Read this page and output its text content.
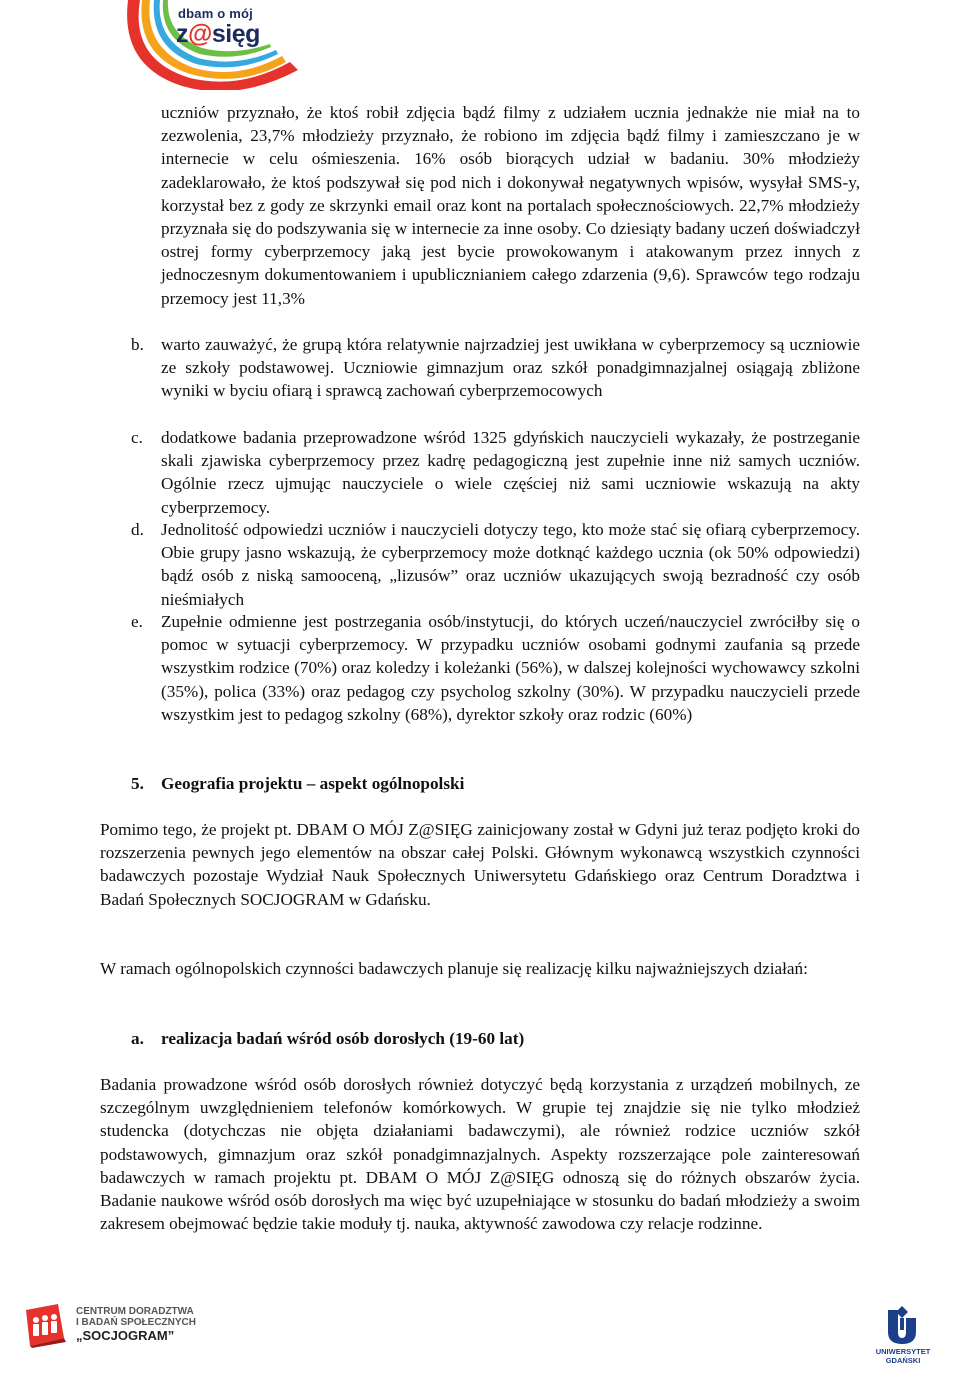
dbam o mój
z@sięg
uczniów przyznało, że ktoś robił zdjęcia bądź filmy z udziałem ucznia jednakże nie miał na to zezwolenia, 23,7% młodzieży przyznało, że robiono im zdjęcia bądź filmy i zamieszczano je w internecie w celu ośmieszenia. 16% osób biorących udział w badaniu. 30% młodzieży zadeklarowało, że ktoś podszywał się pod nich i dokonywał negatywnych wpisów, wysyłał SMS-y, korzystał bez z gody ze skrzynki email oraz kont na portalach społecznościowych. 22,7% młodzieży przyznała się do podszywania się w internecie za inne osoby. Co dziesiąty badany uczeń doświadczył ostrej formy cyberprzemocy jaką jest bycie prowokowanym i atakowanym przez innych z jednoczesnym dokumentowaniem i upublicznianiem całego zdarzenia (9,6). Sprawców tego rodzaju przemocy jest 11,3%
b. warto zauważyć, że grupą która relatywnie najrzadziej jest uwikłana w cyberprzemocy są uczniowie ze szkoły podstawowej. Uczniowie gimnazjum oraz szkół ponadgimnazjalnej osiągają zbliżone wyniki w byciu ofiarą i sprawcą zachowań cyberprzemocowych
c. dodatkowe badania przeprowadzone wśród 1325 gdyńskich nauczycieli wykazały, że postrzeganie skali zjawiska cyberprzemocy przez kadrę pedagogiczną jest zupełnie inne niż samych uczniów. Ogólnie rzecz ujmując nauczyciele o wiele częściej niż sami uczniowie wskazują na akty cyberprzemocy.
d. Jednolitość odpowiedzi uczniów i nauczycieli dotyczy tego, kto może stać się ofiarą cyberprzemocy. Obie grupy jasno wskazują, że cyberprzemocy może dotknąć każdego ucznia (ok 50% odpowiedzi) bądź osób z niską samooceną, „lizusów” oraz uczniów ukazujących swoją bezradność czy osób nieśmiałych
e. Zupełnie odmienne jest postrzegania osób/instytucji, do których uczeń/nauczyciel zwróciłby się o pomoc w sytuacji cyberprzemocy. W przypadku uczniów osobami godnymi zaufania są przede wszystkim rodzice (70%) oraz koledzy i koleżanki (56%), w dalszej kolejności wychowawcy szkolni (35%), polica (33%) oraz pedagog czy psycholog szkolny (30%). W przypadku nauczycieli przede wszystkim jest to pedagog szkolny (68%), dyrektor szkoły oraz rodzic (60%)
5. Geografia projektu – aspekt ogólnopolski
Pomimo tego, że projekt pt. DBAM O MÓJ Z@SIĘG zainicjowany został w Gdyni już teraz podjęto kroki do rozszerzenia pewnych jego elementów na obszar całej Polski. Głównym wykonawcą wszystkich czynności badawczych pozostaje Wydział Nauk Społecznych Uniwersytetu Gdańskiego oraz Centrum Doradztwa i Badań Społecznych SOCJOGRAM w Gdańsku.
W ramach ogólnopolskich czynności badawczych planuje się realizację kilku najważniejszych działań:
a. realizacja badań wśród osób dorosłych (19-60 lat)
Badania prowadzone wśród osób dorosłych również dotyczyć będą korzystania z urządzeń mobilnych, ze szczególnym uwzględnieniem telefonów komórkowych. W grupie tej znajdzie się nie tylko młodzież studencka (dotychczas nie objęta działaniami badawczymi), ale również rodzice uczniów szkół podstawowych, gimnazjum oraz szkół ponadgimnazjalnych. Aspekty rozszerzające pole zainteresowań badawczych w ramach projektu pt. DBAM O MÓJ Z@SIĘG odnoszą się do różnych obszarów życia. Badanie naukowe wśród osób dorosłych ma więc być uzupełniające w stosunku do badań młodzieży a swoim zakresem obejmować będzie takie moduły tj. nauka, aktywność zawodowa czy relacje rodzinne.
CENTRUM DORADZTWA
I BADAŃ SPOŁECZNYCH
„SOCJOGRAM”
UNIWERSYTET GDAŃSKI
